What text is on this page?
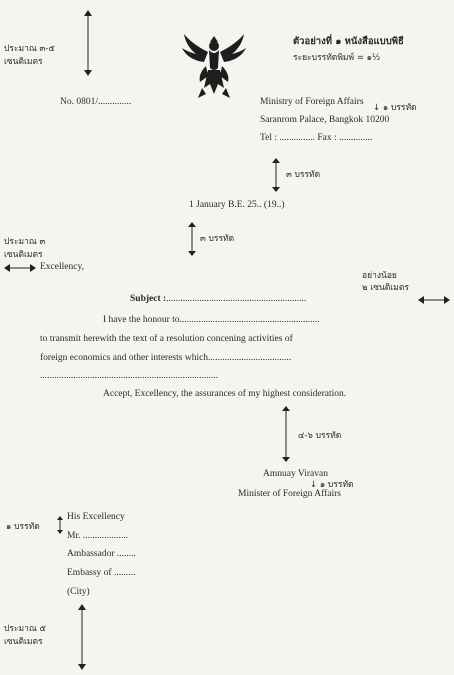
ตัวอย่างที่ ๑ หนังสือแบบพิธี
ระยะบรรทัดพิมพ์ = ๑½
ประมาณ ๓-๕
เซนติเมตร
No. 0801/..............	Ministry of Foreign Affairs
↓ ๑ บรรทัด
Saranrom Palace, Bangkok 10200
Tel : ............... Fax : ..............
๓ บรรทัด
1 January B.E. 25.. (19..)
๓ บรรทัด
ประมาณ ๓
เซนติเมตร
Excellency,
อย่างน้อย
๒ เซนติเมตร
Subject :...........................................................
I have the honour to...........................................................
to transmit herewith the text of a resolution concening activities of
foreign economics and other interests which...................................
...........................................................................
Accept, Excellency, the assurances of my highest consideration.
๔-๖ บรรทัด
Amnuay Viravan
↓ ๑ บรรทัด
Minister of Foreign Affairs
๑ บรรทัด
His Excellency
Mr. ...................
Ambassador ........
Embassy of .........
(City)
ประมาณ ๕
เซนติเมตร
